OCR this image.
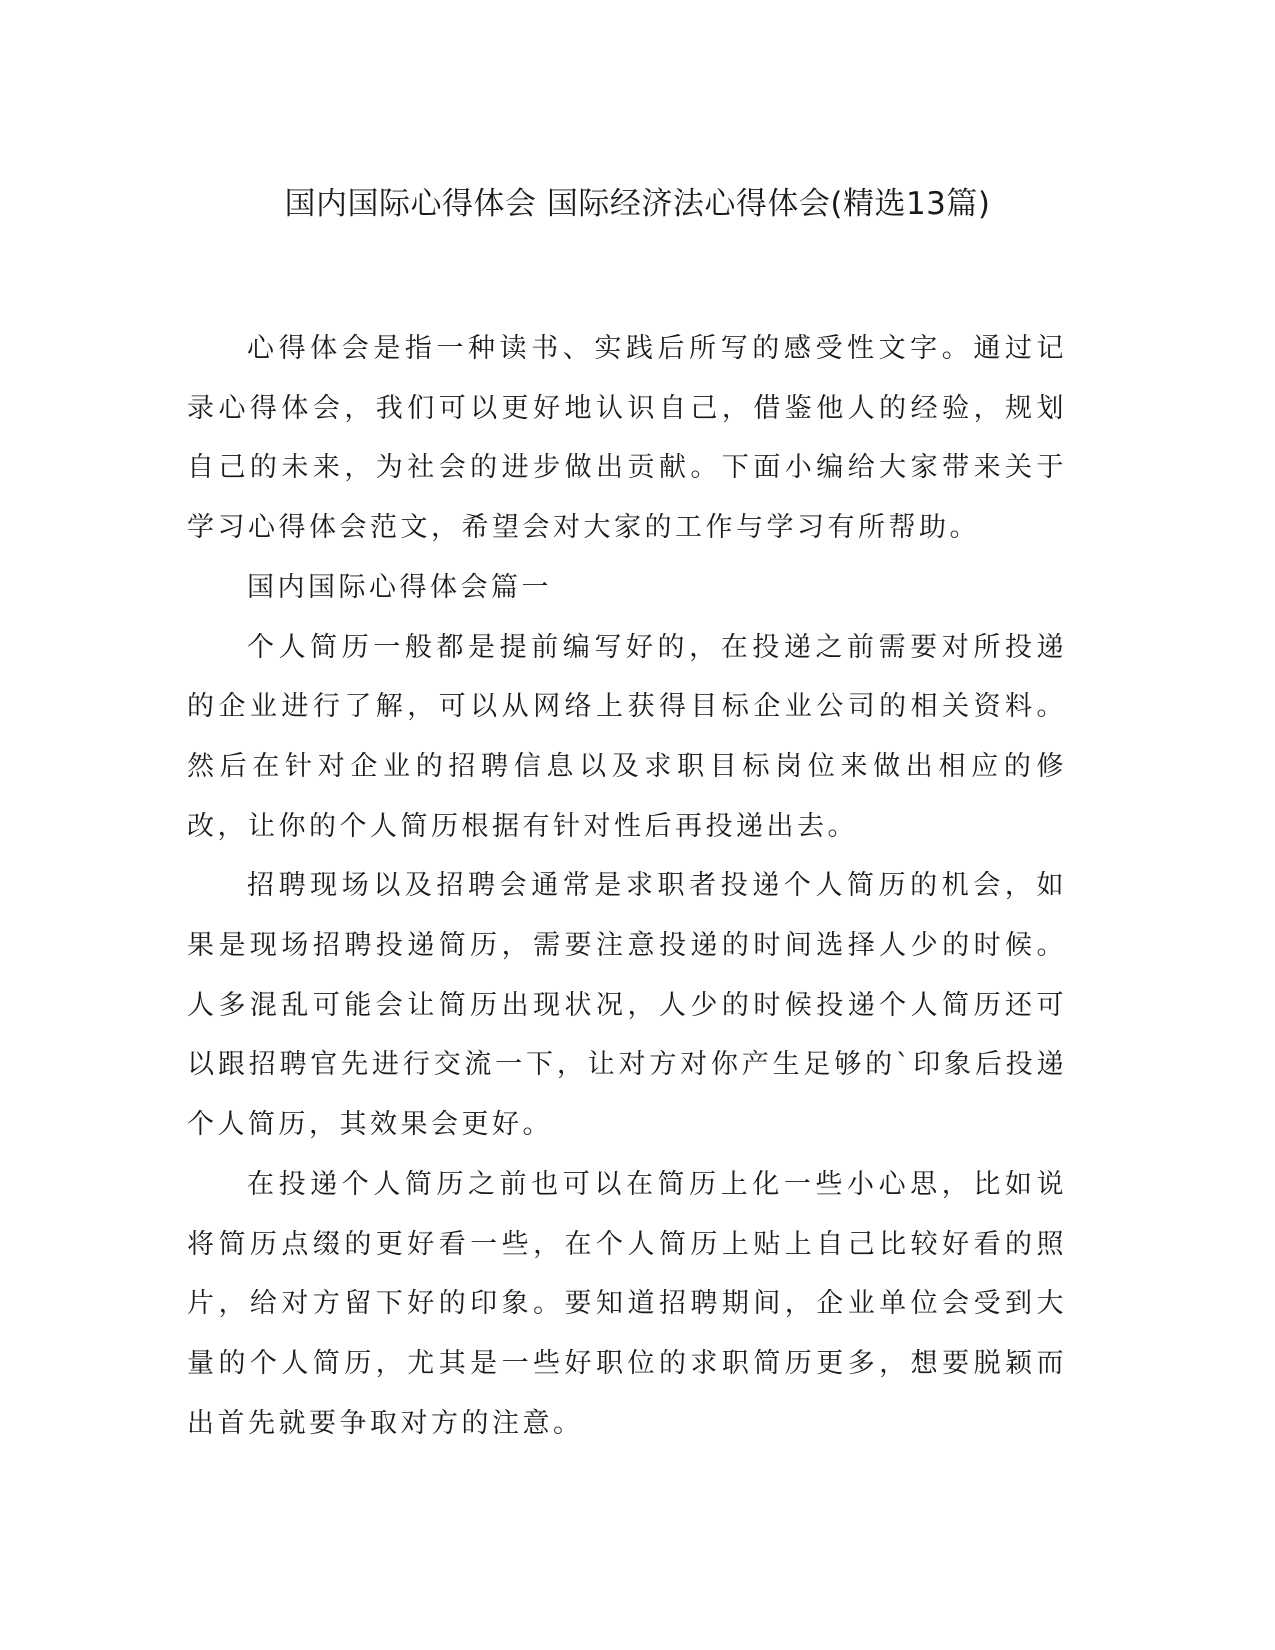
国内国际心得体会 国际经济法心得体会(精选13篇)

心得体会是指一种读书、实践后所写的感受性文字。通过记录心得体会，我们可以更好地认识自己，借鉴他人的经验，规划自己的未来，为社会的进步做出贡献。下面小编给大家带来关于学习心得体会范文，希望会对大家的工作与学习有所帮助。

国内国际心得体会篇一

个人简历一般都是提前编写好的，在投递之前需要对所投递的企业进行了解，可以从网络上获得目标企业公司的相关资料。然后在针对企业的招聘信息以及求职目标岗位来做出相应的修改，让你的个人简历根据有针对性后再投递出去。

招聘现场以及招聘会通常是求职者投递个人简历的机会，如果是现场招聘投递简历，需要注意投递的时间选择人少的时候。人多混乱可能会让简历出现状况，人少的时候投递个人简历还可以跟招聘官先进行交流一下，让对方对你产生足够的`印象后投递个人简历，其效果会更好。

在投递个人简历之前也可以在简历上化一些小心思，比如说将简历点缀的更好看一些，在个人简历上贴上自己比较好看的照片，给对方留下好的印象。要知道招聘期间，企业单位会受到大量的个人简历，尤其是一些好职位的求职简历更多，想要脱颖而出首先就要争取对方的注意。
